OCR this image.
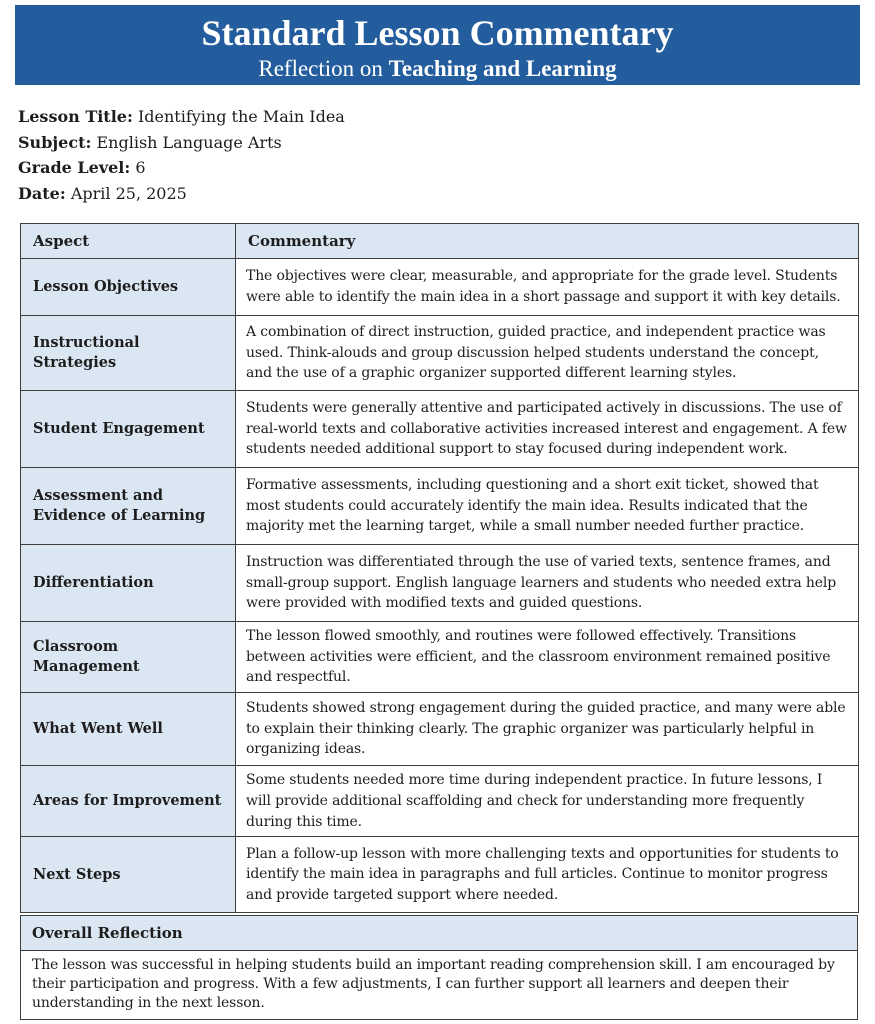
Standard Lesson Commentary
Reflection on Teaching and Learning
Lesson Title: Identifying the Main Idea
Subject: English Language Arts
Grade Level: 6
Date: April 25, 2025
Aspect	Commentary
Lesson Objectives	The objectives were clear, measurable, and appropriate for the grade level. Students were able to identify the main idea in a short passage and support it with key details.
Instructional Strategies	A combination of direct instruction, guided practice, and independent practice was used. Think-alouds and group discussion helped students understand the concept, and the use of a graphic organizer supported different learning styles.
Student Engagement	Students were generally attentive and participated actively in discussions. The use of real-world texts and collaborative activities increased interest and engagement. A few students needed additional support to stay focused during independent work.
Assessment and Evidence of Learning	Formative assessments, including questioning and a short exit ticket, showed that most students could accurately identify the main idea. Results indicated that the majority met the learning target, while a small number needed further practice.
Differentiation	Instruction was differentiated through the use of varied texts, sentence frames, and small-group support. English language learners and students who needed extra help were provided with modified texts and guided questions.
Classroom Management	The lesson flowed smoothly, and routines were followed effectively. Transitions between activities were efficient, and the classroom environment remained positive and respectful.
What Went Well	Students showed strong engagement during the guided practice, and many were able to explain their thinking clearly. The graphic organizer was particularly helpful in organizing ideas.
Areas for Improvement	Some students needed more time during independent practice. In future lessons, I will provide additional scaffolding and check for understanding more frequently during this time.
Next Steps	Plan a follow-up lesson with more challenging texts and opportunities for students to identify the main idea in paragraphs and full articles. Continue to monitor progress and provide targeted support where needed.
Overall Reflection
The lesson was successful in helping students build an important reading comprehension skill. I am encouraged by their participation and progress. With a few adjustments, I can further support all learners and deepen their understanding in the next lesson.
